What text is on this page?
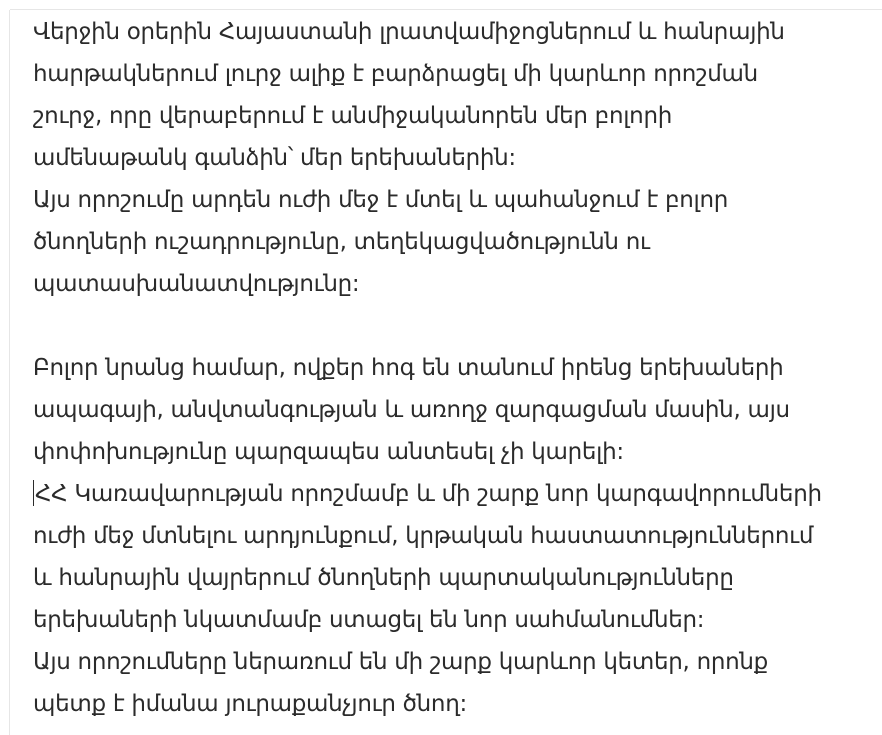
Վերջին օրերին Հայաստանի լրատվամիջոցներում և հանրային
հարթակներում լուրջ ալիք է բարձրացել մի կարևոր որոշման
շուրջ, որը վերաբերում է անմիջականորեն մեր բոլորի
ամենաթանկ գանձին՝ մեր երեխաներին:

Այս որոշումը արդեն ուժի մեջ է մտել և պահանջում է բոլոր
ծնողների ուշադրությունը, տեղեկացվածությունն ու
պատասխանատվությունը:

Բոլոր նրանց համար, ովքեր հոգ են տանում իրենց երեխաների
ապագայի, անվտանգության և առողջ զարգացման մասին, այս
փոփոխությունը պարզապես անտեսել չի կարելի:

ՀՀ Կառավարության որոշմամբ և մի շարք նոր կարգավորումների
ուժի մեջ մտնելու արդյունքում, կրթական հաստատություններում
և հանրային վայրերում ծնողների պարտականությունները
երեխաների նկատմամբ ստացել են նոր սահմանումներ:

Այս որոշումները ներառում են մի շարք կարևոր կետեր, որոնք
պետք է իմանա յուրաքանչյուր ծնող:
